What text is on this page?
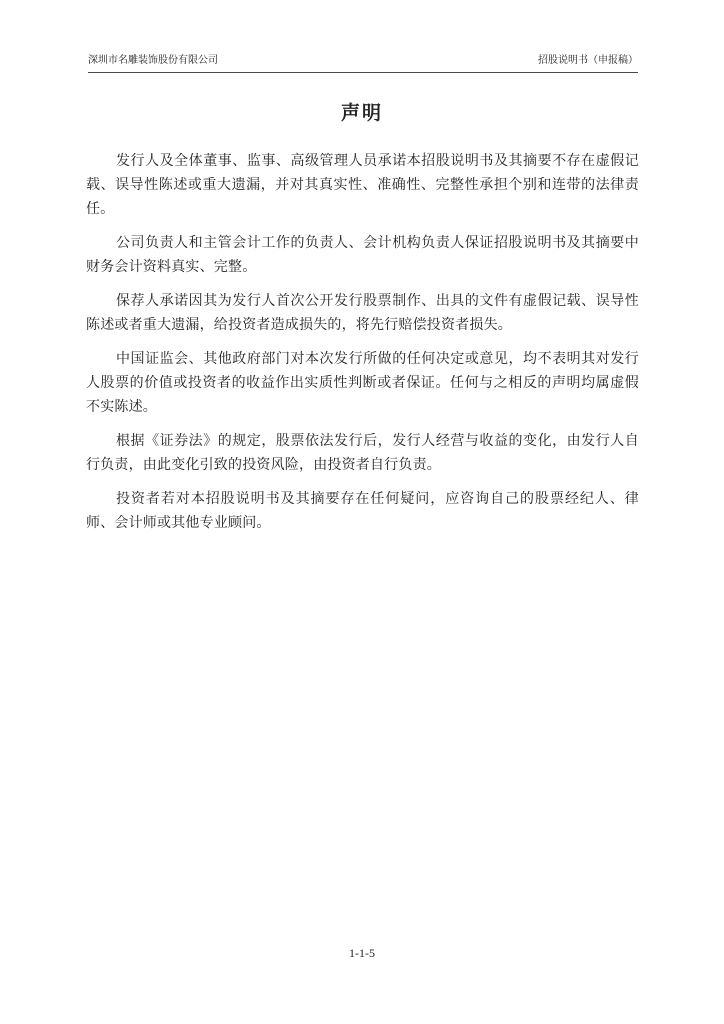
深圳市名雕装饰股份有限公司	招股说明书（申报稿）
声明

发行人及全体董事、监事、高级管理人员承诺本招股说明书及其摘要不存在虚假记载、误导性陈述或重大遗漏，并对其真实性、准确性、完整性承担个别和连带的法律责任。

公司负责人和主管会计工作的负责人、会计机构负责人保证招股说明书及其摘要中财务会计资料真实、完整。

保荐人承诺因其为发行人首次公开发行股票制作、出具的文件有虚假记载、误导性陈述或者重大遗漏，给投资者造成损失的，将先行赔偿投资者损失。

中国证监会、其他政府部门对本次发行所做的任何决定或意见，均不表明其对发行人股票的价值或投资者的收益作出实质性判断或者保证。任何与之相反的声明均属虚假不实陈述。

根据《证券法》的规定，股票依法发行后，发行人经营与收益的变化，由发行人自行负责，由此变化引致的投资风险，由投资者自行负责。

投资者若对本招股说明书及其摘要存在任何疑问，应咨询自己的股票经纪人、律师、会计师或其他专业顾问。

1-1-5
